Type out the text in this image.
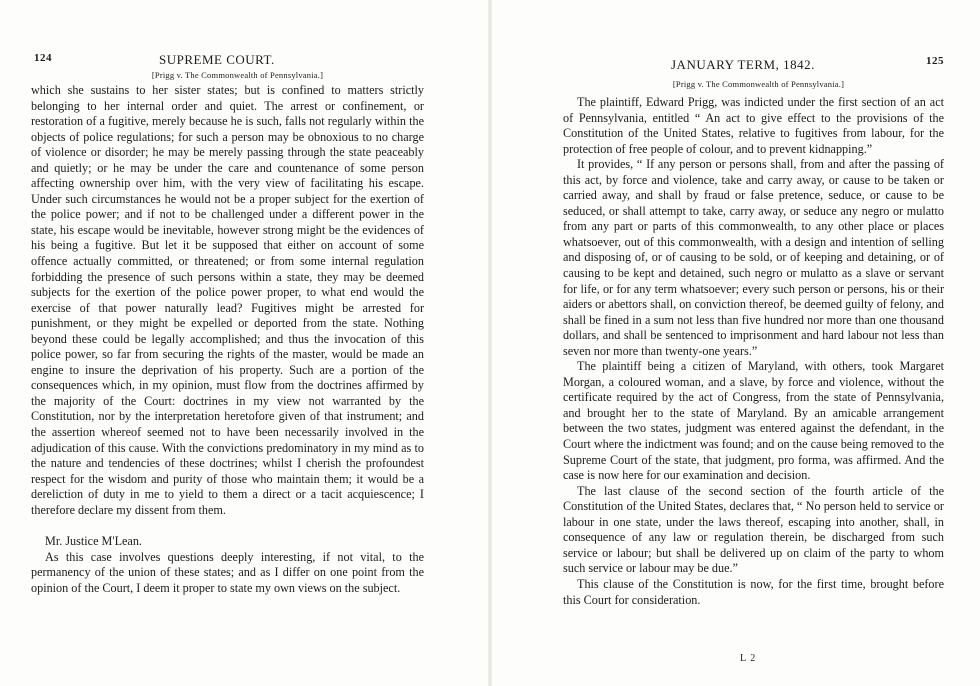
124	SUPREME COURT.
[Prigg v. The Commonwealth of Pennsylvania.]

which she sustains to her sister states; but is confined to matters strictly belonging to her internal order and quiet. The arrest or confinement, or restoration of a fugitive, merely because he is such, falls not regularly within the objects of police regulations; for such a person may be obnoxious to no charge of violence or disorder; he may be merely passing through the state peaceably and quietly; or he may be under the care and countenance of some person affecting ownership over him, with the very view of facilitating his escape. Under such circumstances he would not be a proper subject for the exertion of the police power; and if not to be challenged under a different power in the state, his escape would be inevitable, however strong might be the evidences of his being a fugitive. But let it be supposed that either on account of some offence actually committed, or threatened; or from some internal regulation forbidding the presence of such persons within a state, they may be deemed subjects for the exertion of the police power proper, to what end would the exercise of that power naturally lead? Fugitives might be arrested for punishment, or they might be expelled or deported from the state. Nothing beyond these could be legally accomplished; and thus the invocation of this police power, so far from securing the rights of the master, would be made an engine to insure the deprivation of his property. Such are a portion of the consequences which, in my opinion, must flow from the doctrines affirmed by the majority of the Court: doctrines in my view not warranted by the Constitution, nor by the interpretation heretofore given of that instrument; and the assertion whereof seemed not to have been necessarily involved in the adjudication of this cause. With the convictions predominatory in my mind as to the nature and tendencies of these doctrines; whilst I cherish the profoundest respect for the wisdom and purity of those who maintain them; it would be a dereliction of duty in me to yield to them a direct or a tacit acquiescence; I therefore declare my dissent from them.

Mr. Justice M'Lean.

As this case involves questions deeply interesting, if not vital, to the permanency of the union of these states; and as I differ on one point from the opinion of the Court, I deem it proper to state my own views on the subject.

JANUARY TERM, 1842.	125
[Prigg v. The Commonwealth of Pennsylvania.]

The plaintiff, Edward Prigg, was indicted under the first section of an act of Pennsylvania, entitled “ An act to give effect to the provisions of the Constitution of the United States, relative to fugitives from labour, for the protection of free people of colour, and to prevent kidnapping.”

It provides, “ If any person or persons shall, from and after the passing of this act, by force and violence, take and carry away, or cause to be taken or carried away, and shall by fraud or false pretence, seduce, or cause to be seduced, or shall attempt to take, carry away, or seduce any negro or mulatto from any part or parts of this commonwealth, to any other place or places whatsoever, out of this commonwealth, with a design and intention of selling and disposing of, or of causing to be sold, or of keeping and detaining, or of causing to be kept and detained, such negro or mulatto as a slave or servant for life, or for any term whatsoever; every such person or persons, his or their aiders or abettors shall, on conviction thereof, be deemed guilty of felony, and shall be fined in a sum not less than five hundred nor more than one thousand dollars, and shall be sentenced to imprisonment and hard labour not less than seven nor more than twenty-one years.”

The plaintiff being a citizen of Maryland, with others, took Margaret Morgan, a coloured woman, and a slave, by force and violence, without the certificate required by the act of Congress, from the state of Pennsylvania, and brought her to the state of Maryland. By an amicable arrangement between the two states, judgment was entered against the defendant, in the Court where the indictment was found; and on the cause being removed to the Supreme Court of the state, that judgment, pro forma, was affirmed. And the case is now here for our examination and decision.

The last clause of the second section of the fourth article of the Constitution of the United States, declares that, “ No person held to service or labour in one state, under the laws thereof, escaping into another, shall, in consequence of any law or regulation therein, be discharged from such service or labour; but shall be delivered up on claim of the party to whom such service or labour may be due.”

This clause of the Constitution is now, for the first time, brought before this Court for consideration.

L 2
